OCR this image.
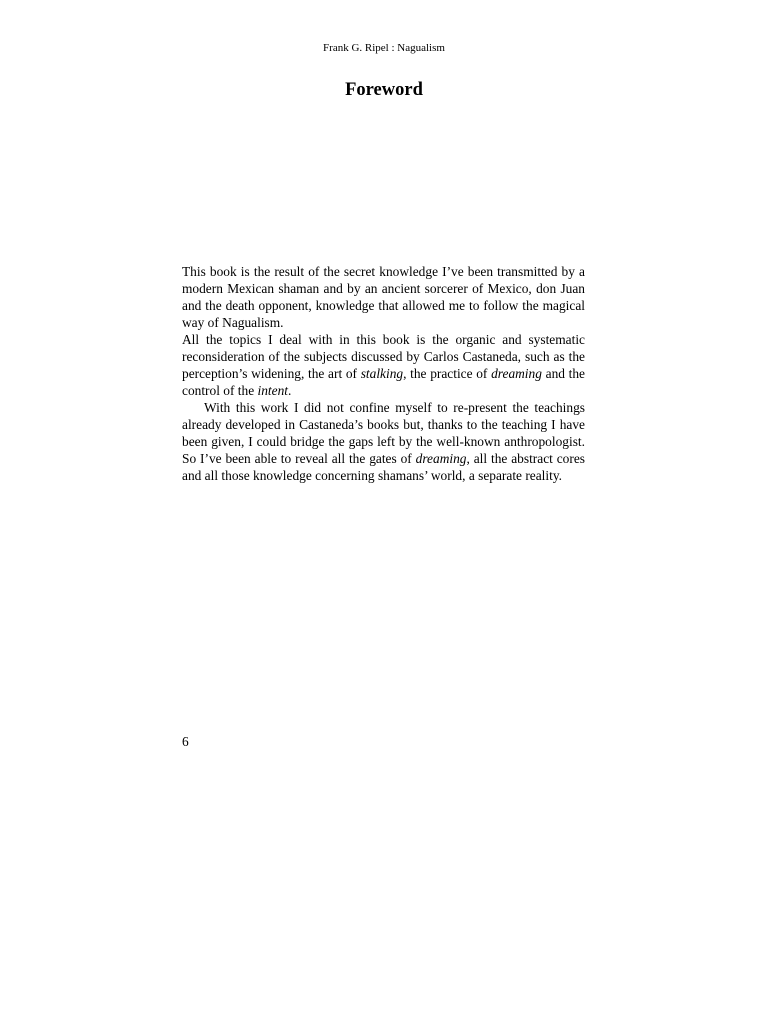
Frank G. Ripel : Nagualism
Foreword

This book is the result of the secret knowledge I’ve been transmitted by a modern Mexican shaman and by an ancient sorcerer of Mexico, don Juan and the death opponent, knowledge that allowed me to follow the magical way of Nagualism.

All the topics I deal with in this book is the organic and systematic reconsideration of the subjects discussed by Carlos Castaneda, such as the perception’s widening, the art of stalking, the practice of dreaming and the control of the intent.

With this work I did not confine myself to re-present the teachings already developed in Castaneda’s books but, thanks to the teaching I have been given, I could bridge the gaps left by the well-known anthropologist. So I’ve been able to reveal all the gates of dreaming, all the abstract cores and all those knowledge concerning shamans’ world, a separate reality.

6
